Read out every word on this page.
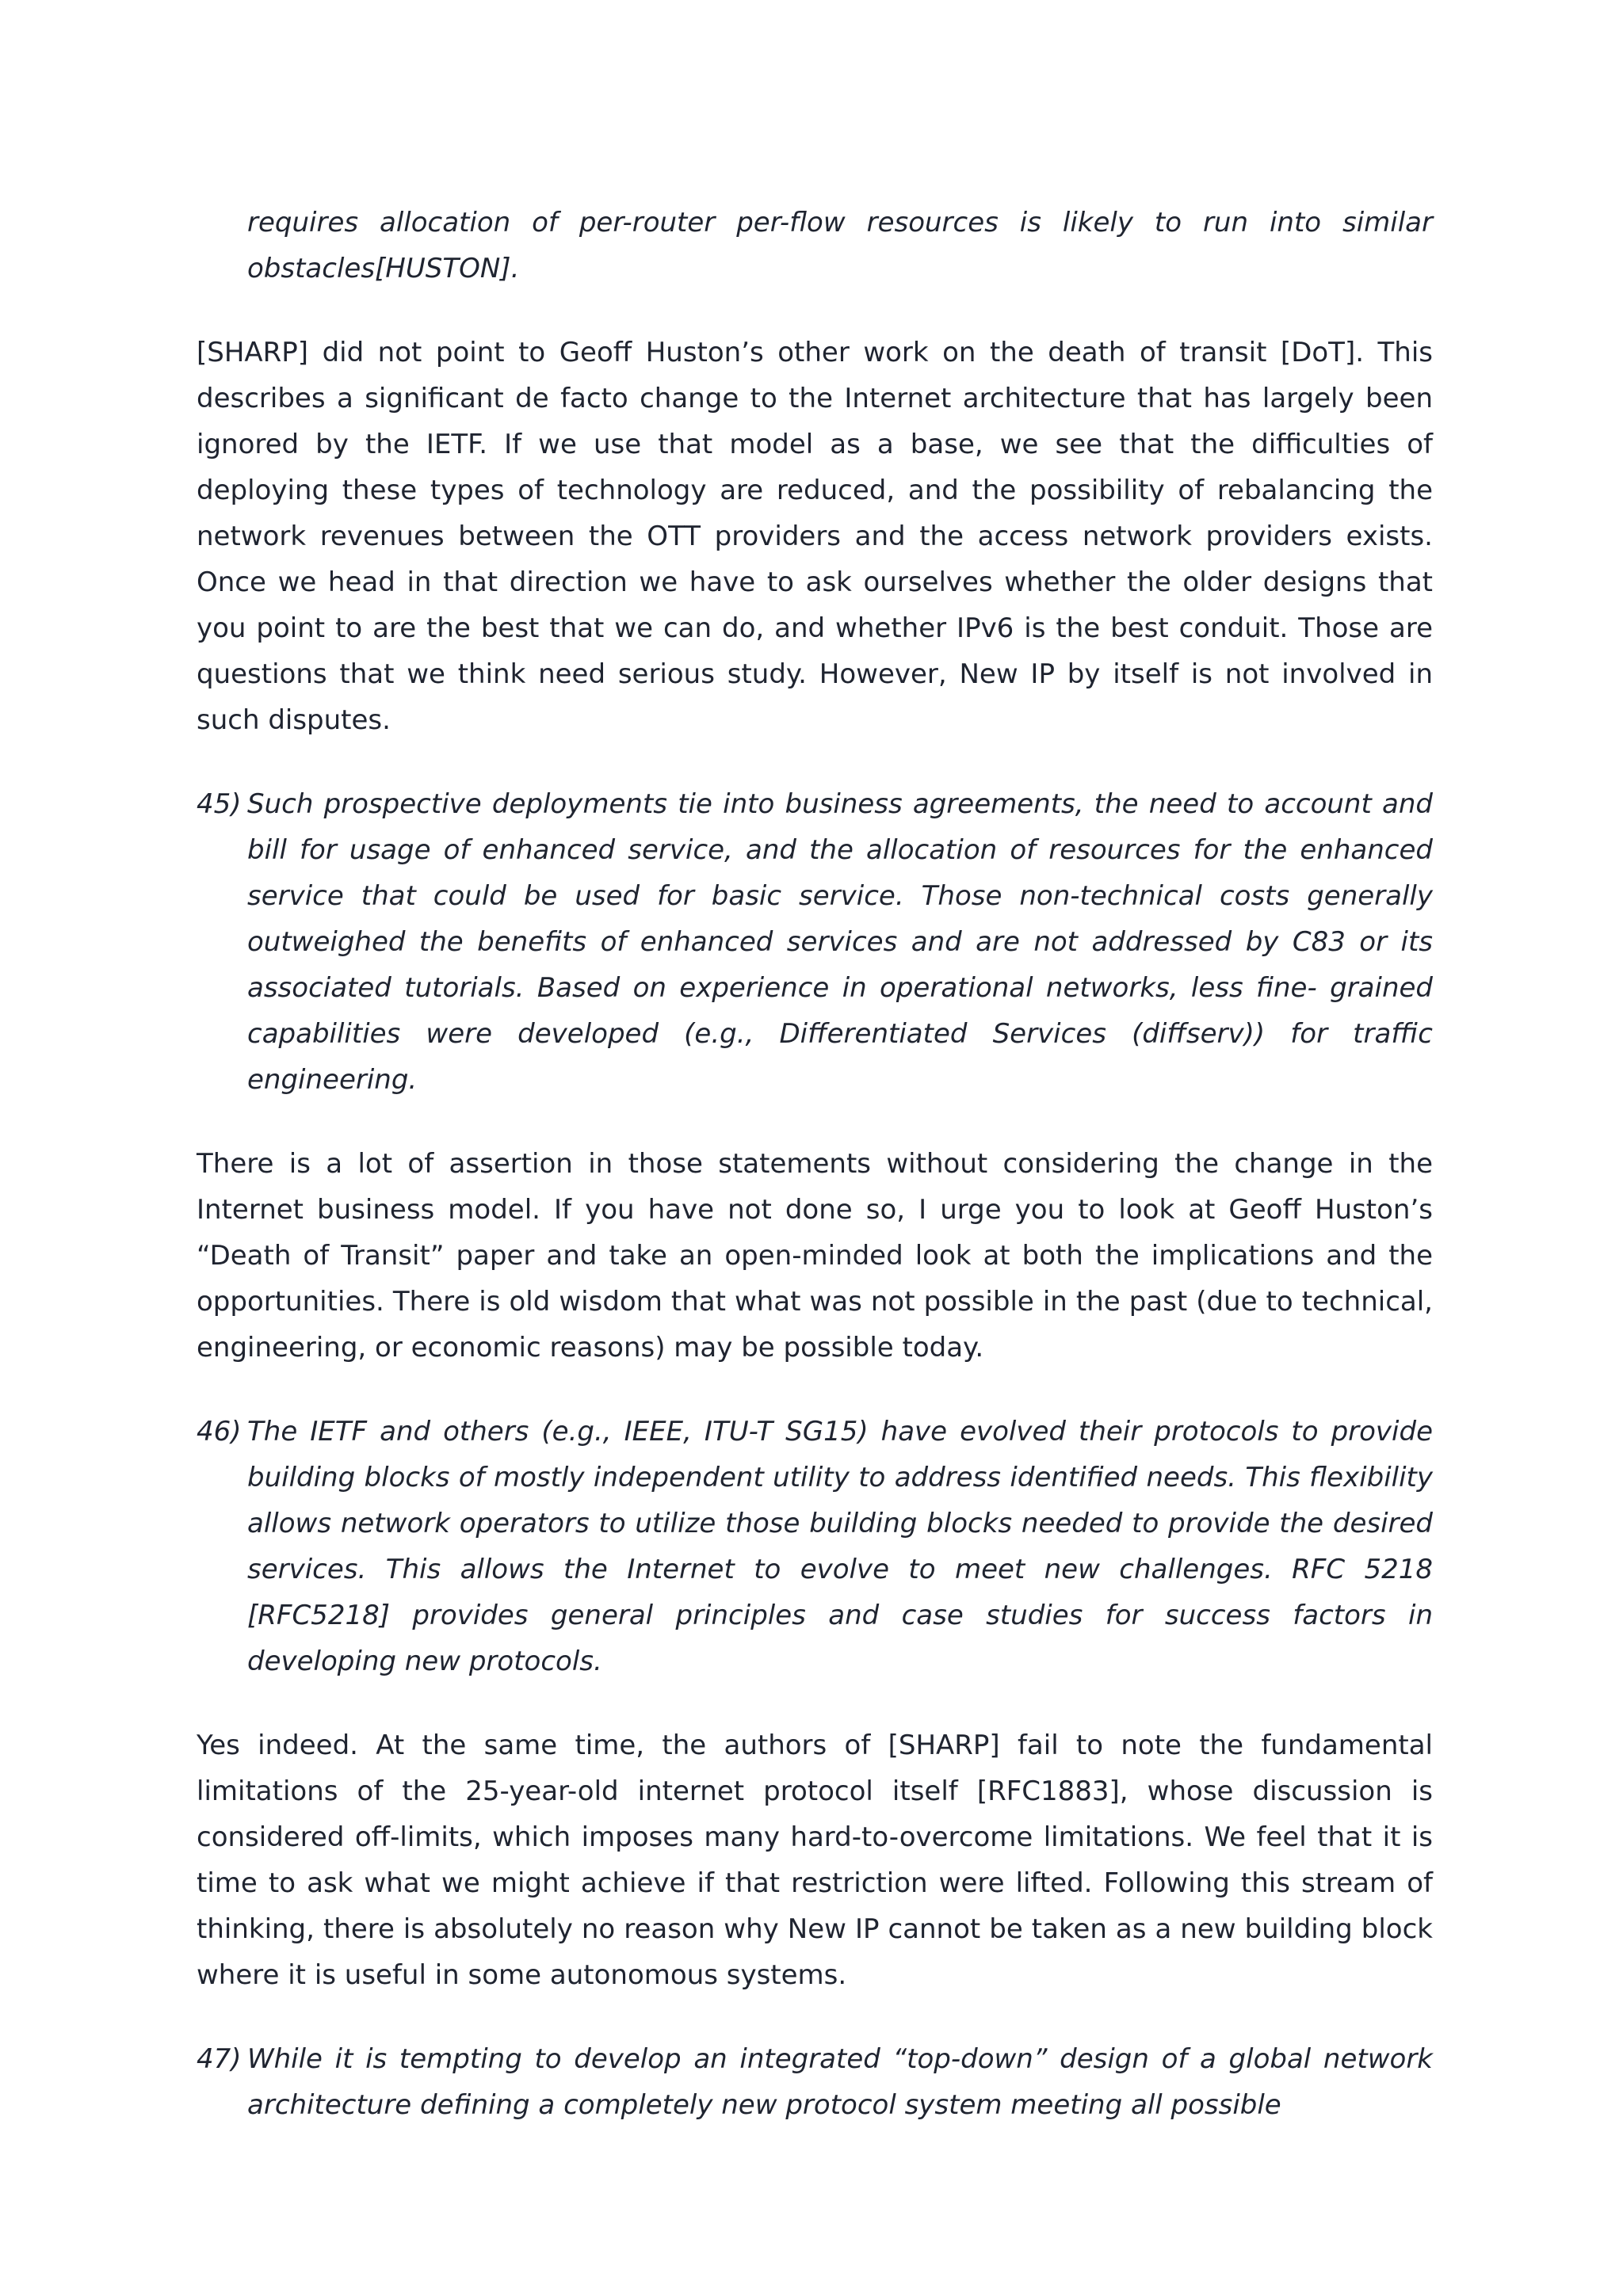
requires allocation of per-router per-flow resources is likely to run into similar obstacles[HUSTON].

[SHARP] did not point to Geoff Huston’s other work on the death of transit [DoT]. This describes a significant de facto change to the Internet architecture that has largely been ignored by the IETF. If we use that model as a base, we see that the difficulties of deploying these types of technology are reduced, and the possibility of rebalancing the network revenues between the OTT providers and the access network providers exists. Once we head in that direction we have to ask ourselves whether the older designs that you point to are the best that we can do, and whether IPv6 is the best conduit. Those are questions that we think need serious study. However, New IP by itself is not involved in such disputes.

45) Such prospective deployments tie into business agreements, the need to account and bill for usage of enhanced service, and the allocation of resources for the enhanced service that could be used for basic service. Those non-technical costs generally outweighed the benefits of enhanced services and are not addressed by C83 or its associated tutorials. Based on experience in operational networks, less fine- grained capabilities were developed (e.g., Differentiated Services (diffserv)) for traffic engineering.

There is a lot of assertion in those statements without considering the change in the Internet business model. If you have not done so, I urge you to look at Geoff Huston’s “Death of Transit” paper and take an open-minded look at both the implications and the opportunities. There is old wisdom that what was not possible in the past (due to technical, engineering, or economic reasons) may be possible today.

46) The IETF and others (e.g., IEEE, ITU-T SG15) have evolved their protocols to provide building blocks of mostly independent utility to address identified needs. This flexibility allows network operators to utilize those building blocks needed to provide the desired services. This allows the Internet to evolve to meet new challenges. RFC 5218 [RFC5218] provides general principles and case studies for success factors in developing new protocols.

Yes indeed. At the same time, the authors of [SHARP] fail to note the fundamental limitations of the 25-year-old internet protocol itself [RFC1883], whose discussion is considered off-limits, which imposes many hard-to-overcome limitations. We feel that it is time to ask what we might achieve if that restriction were lifted. Following this stream of thinking, there is absolutely no reason why New IP cannot be taken as a new building block where it is useful in some autonomous systems.

47) While it is tempting to develop an integrated “top-down” design of a global network architecture defining a completely new protocol system meeting all possible
